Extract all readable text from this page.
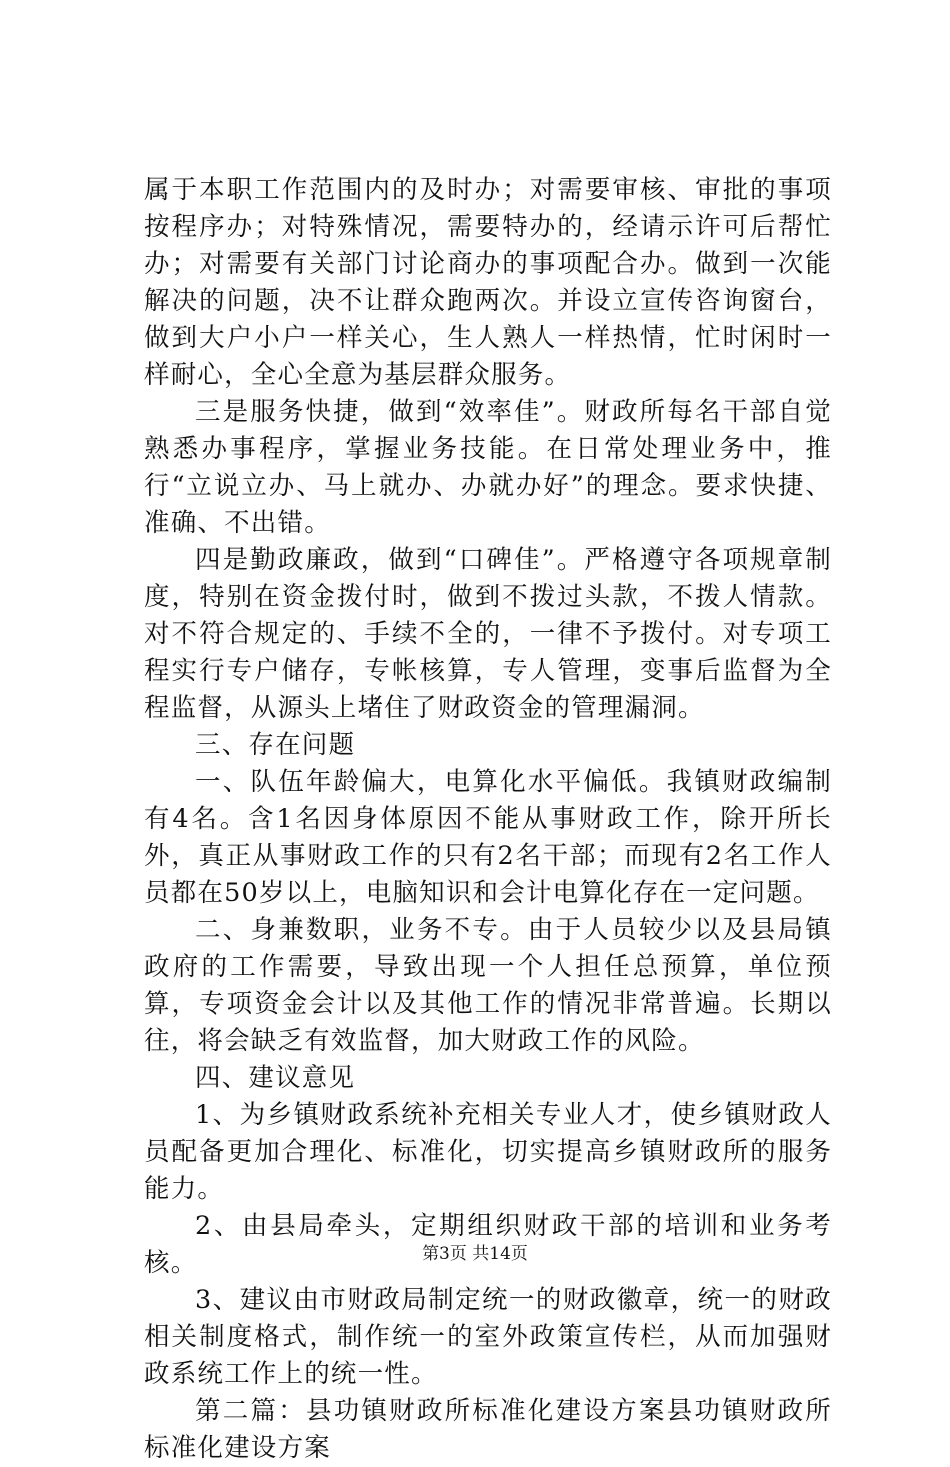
属于本职工作范围内的及时办；对需要审核、审批的事项按程序办；对特殊情况，需要特办的，经请示许可后帮忙办；对需要有关部门讨论商办的事项配合办。做到一次能解决的问题，决不让群众跑两次。并设立宣传咨询窗台，做到大户小户一样关心，生人熟人一样热情，忙时闲时一样耐心，全心全意为基层群众服务。

三是服务快捷，做到“效率佳”。财政所每名干部自觉熟悉办事程序，掌握业务技能。在日常处理业务中，推行“立说立办、马上就办、办就办好”的理念。要求快捷、准确、不出错。

四是勤政廉政，做到“口碑佳”。严格遵守各项规章制度，特别在资金拨付时，做到不拨过头款，不拨人情款。对不符合规定的、手续不全的，一律不予拨付。对专项工程实行专户储存，专帐核算，专人管理，变事后监督为全程监督，从源头上堵住了财政资金的管理漏洞。

三、存在问题

一、队伍年龄偏大，电算化水平偏低。我镇财政编制有4名。含1名因身体原因不能从事财政工作，除开所长外，真正从事财政工作的只有2名干部；而现有2名工作人员都在50岁以上，电脑知识和会计电算化存在一定问题。

二、身兼数职，业务不专。由于人员较少以及县局镇政府的工作需要，导致出现一个人担任总预算，单位预算，专项资金会计以及其他工作的情况非常普遍。长期以往，将会缺乏有效监督，加大财政工作的风险。

四、建议意见

1、为乡镇财政系统补充相关专业人才，使乡镇财政人员配备更加合理化、标准化，切实提高乡镇财政所的服务能力。

2、由县局牵头，定期组织财政干部的培训和业务考核。

3、建议由市财政局制定统一的财政徽章，统一的财政相关制度格式，制作统一的室外政策宣传栏，从而加强财政系统工作上的统一性。

第二篇：县功镇财政所标准化建设方案县功镇财政所标准化建设方案

第3页 共14页
